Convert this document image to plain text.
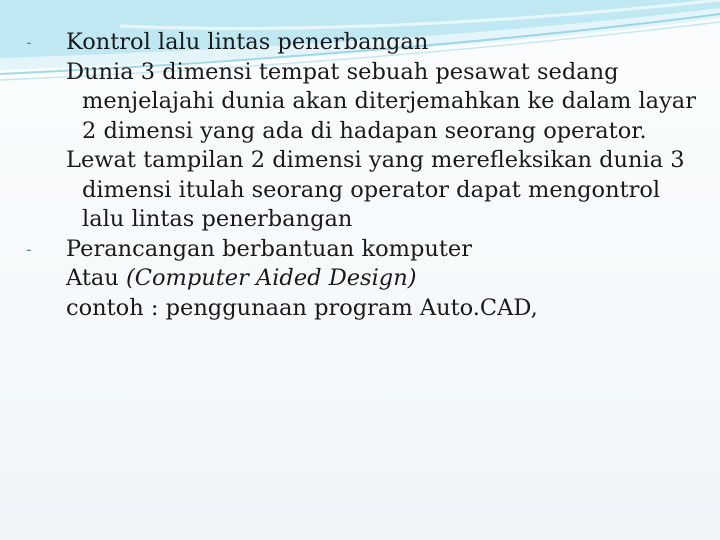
-	Kontrol lalu lintas penerbangan
Dunia 3 dimensi tempat sebuah pesawat sedang menjelajahi dunia akan diterjemahkan ke dalam layar 2 dimensi yang ada di hadapan seorang operator.
Lewat tampilan 2 dimensi yang merefleksikan dunia 3 dimensi itulah seorang operator dapat mengontrol lalu lintas penerbangan
-	Perancangan berbantuan komputer
Atau (Computer Aided Design)
contoh : penggunaan program Auto.CAD,
